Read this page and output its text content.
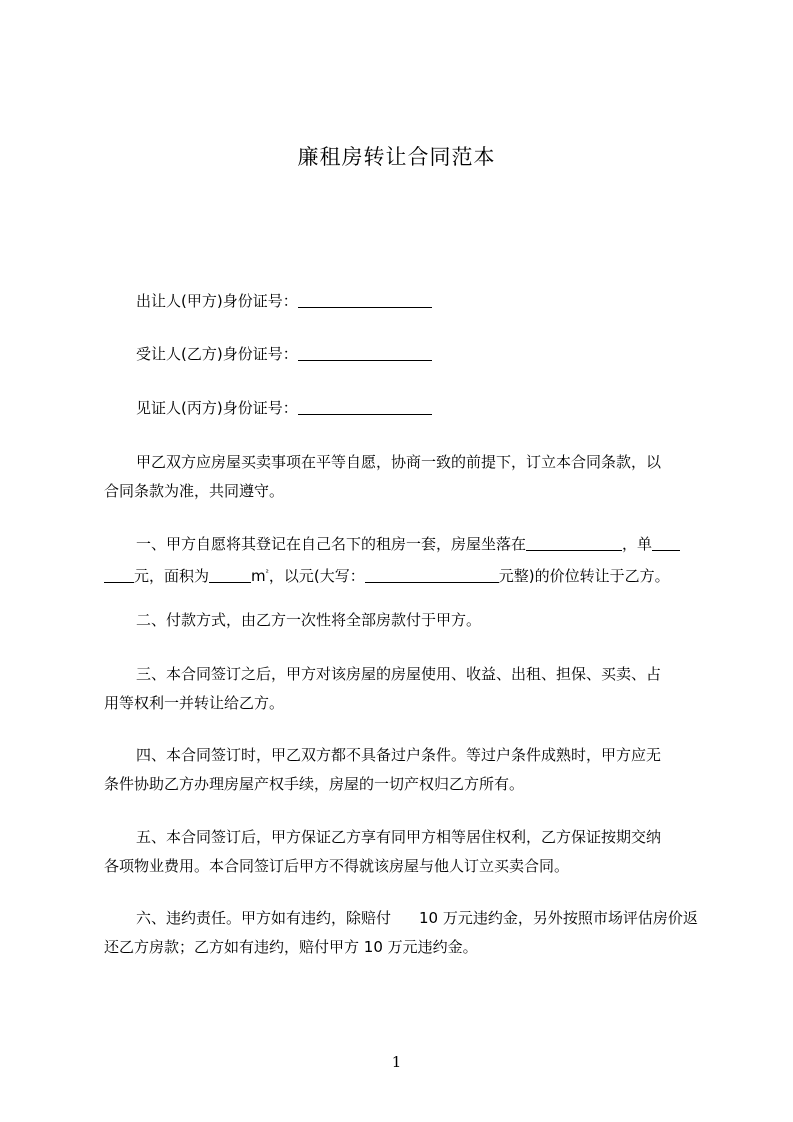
廉租房转让合同范本
出让人(甲方)身份证号：
受让人(乙方)身份证号：
见证人(丙方)身份证号：
甲乙双方应房屋买卖事项在平等自愿，协商一致的前提下，订立本合同条款，以
合同条款为准，共同遵守。
一、甲方自愿将其登记在自己名下的租房一套，房屋坐落在	，单
元，面积为	$m^{^2}$，以元(大写：	元整)的价位转让于乙方。
二、付款方式，由乙方一次性将全部房款付于甲方。
三、本合同签订之后，甲方对该房屋的房屋使用、收益、出租、担保、买卖、占
用等权利一并转让给乙方。
四、本合同签订时，甲乙双方都不具备过户条件。等过户条件成熟时，甲方应无
条件协助乙方办理房屋产权手续，房屋的一切产权归乙方所有。
五、本合同签订后，甲方保证乙方享有同甲方相等居住权利，乙方保证按期交纳
各项物业费用。本合同签订后甲方不得就该房屋与他人订立买卖合同。
六、违约责任。甲方如有违约，除赔付 10 万元违约金，另外按照市场评估房价返
还乙方房款；乙方如有违约，赔付甲方 10 万元违约金。
1
